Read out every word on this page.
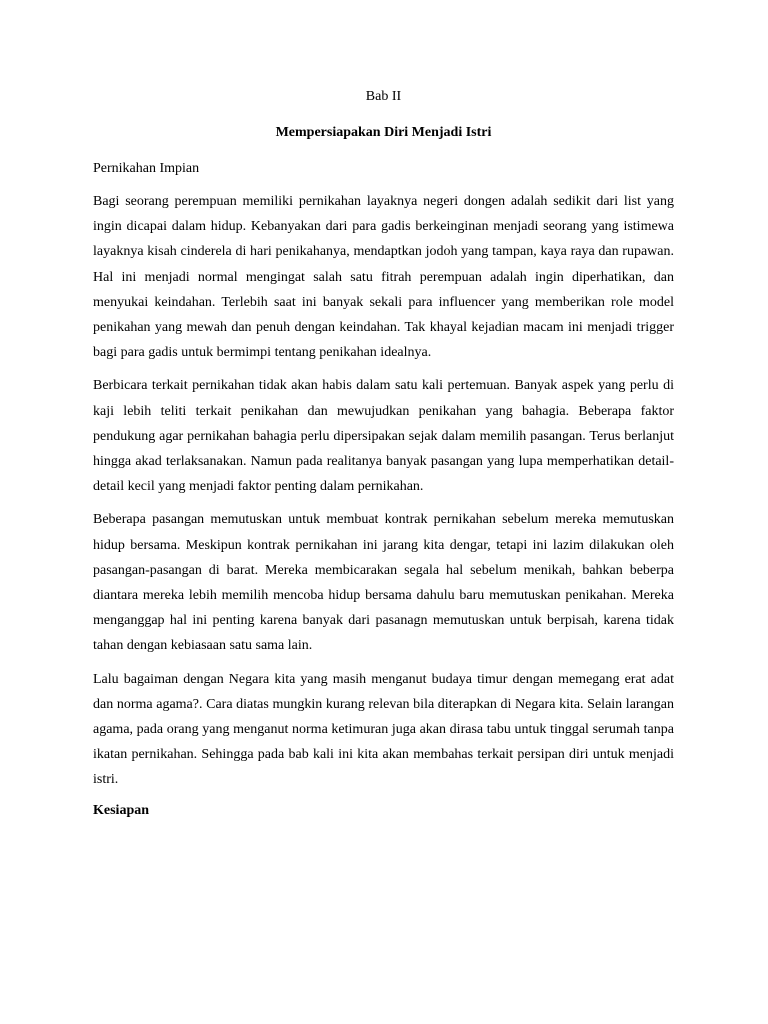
Bab II
Mempersiapakan Diri Menjadi Istri
Pernikahan Impian

Bagi seorang perempuan memiliki pernikahan layaknya negeri dongen adalah sedikit dari list yang ingin dicapai dalam hidup. Kebanyakan dari para gadis berkeinginan menjadi seorang yang istimewa layaknya kisah cinderela di hari penikahanya, mendaptkan jodoh yang tampan, kaya raya dan rupawan. Hal ini menjadi normal mengingat salah satu fitrah perempuan adalah ingin diperhatikan, dan menyukai keindahan. Terlebih saat ini banyak sekali para influencer yang memberikan role model penikahan yang mewah dan penuh dengan keindahan. Tak khayal kejadian macam ini menjadi trigger bagi para gadis untuk bermimpi tentang penikahan idealnya.

Berbicara terkait pernikahan tidak akan habis dalam satu kali pertemuan. Banyak aspek yang perlu di kaji lebih teliti terkait penikahan dan mewujudkan penikahan yang bahagia. Beberapa faktor pendukung agar pernikahan bahagia perlu dipersipakan sejak dalam memilih pasangan. Terus berlanjut hingga akad terlaksanakan. Namun pada realitanya banyak pasangan yang lupa memperhatikan detail-detail kecil yang menjadi faktor penting dalam pernikahan.

Beberapa pasangan memutuskan untuk membuat kontrak pernikahan sebelum mereka memutuskan hidup bersama. Meskipun kontrak pernikahan ini jarang kita dengar, tetapi ini lazim dilakukan oleh pasangan-pasangan di barat. Mereka membicarakan segala hal sebelum menikah, bahkan beberpa diantara mereka lebih memilih mencoba hidup bersama dahulu baru memutuskan penikahan. Mereka menganggap hal ini penting karena banyak dari pasanagn memutuskan untuk berpisah, karena tidak tahan dengan kebiasaan satu sama lain.

Lalu bagaiman dengan Negara kita yang masih menganut budaya timur dengan memegang erat adat dan norma agama?. Cara diatas mungkin kurang relevan bila diterapkan di Negara kita. Selain larangan agama, pada orang yang menganut norma ketimuran juga akan dirasa tabu untuk tinggal serumah tanpa ikatan pernikahan. Sehingga pada bab kali ini kita akan membahas terkait persipan diri untuk menjadi istri.

Kesiapan
